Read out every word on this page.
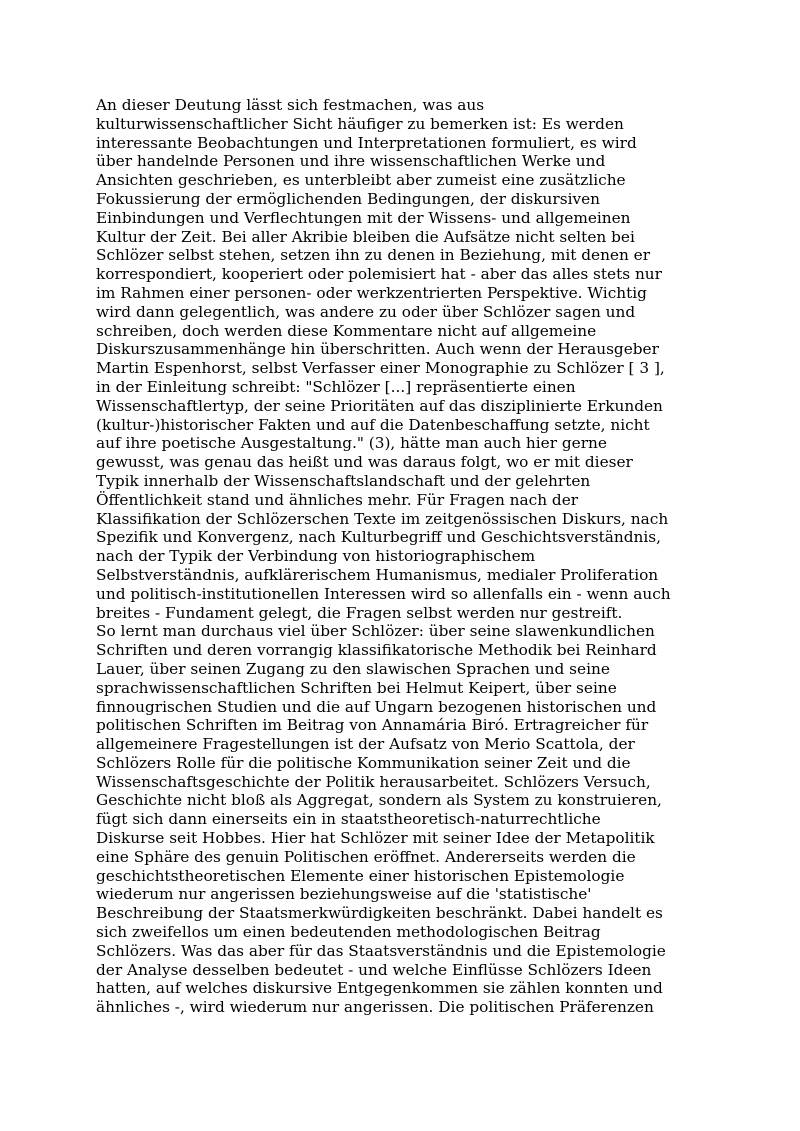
An dieser Deutung lässt sich festmachen, was aus
kulturwissenschaftlicher Sicht häufiger zu bemerken ist: Es werden
interessante Beobachtungen und Interpretationen formuliert, es wird
über handelnde Personen und ihre wissenschaftlichen Werke und
Ansichten geschrieben, es unterbleibt aber zumeist eine zusätzliche
Fokussierung der ermöglichenden Bedingungen, der diskursiven
Einbindungen und Verflechtungen mit der Wissens- und allgemeinen
Kultur der Zeit. Bei aller Akribie bleiben die Aufsätze nicht selten bei
Schlözer selbst stehen, setzen ihn zu denen in Beziehung, mit denen er
korrespondiert, kooperiert oder polemisiert hat - aber das alles stets nur
im Rahmen einer personen- oder werkzentrierten Perspektive. Wichtig
wird dann gelegentlich, was andere zu oder über Schlözer sagen und
schreiben, doch werden diese Kommentare nicht auf allgemeine
Diskurszusammenhänge hin überschritten. Auch wenn der Herausgeber
Martin Espenhorst, selbst Verfasser einer Monographie zu Schlözer [ 3 ],
in der Einleitung schreibt: "Schlözer [...] repräsentierte einen
Wissenschaftlertyp, der seine Prioritäten auf das disziplinierte Erkunden
(kultur-)historischer Fakten und auf die Datenbeschaffung setzte, nicht
auf ihre poetische Ausgestaltung." (3), hätte man auch hier gerne
gewusst, was genau das heißt und was daraus folgt, wo er mit dieser
Typik innerhalb der Wissenschaftslandschaft und der gelehrten
Öffentlichkeit stand und ähnliches mehr. Für Fragen nach der
Klassifikation der Schlözerschen Texte im zeitgenössischen Diskurs, nach
Spezifik und Konvergenz, nach Kulturbegriff und Geschichtsverständnis,
nach der Typik der Verbindung von historiographischem
Selbstverständnis, aufklärerischem Humanismus, medialer Proliferation
und politisch-institutionellen Interessen wird so allenfalls ein - wenn auch
breites - Fundament gelegt, die Fragen selbst werden nur gestreift.
So lernt man durchaus viel über Schlözer: über seine slawenkundlichen
Schriften und deren vorrangig klassifikatorische Methodik bei Reinhard
Lauer, über seinen Zugang zu den slawischen Sprachen und seine
sprachwissenschaftlichen Schriften bei Helmut Keipert, über seine
finnougrischen Studien und die auf Ungarn bezogenen historischen und
politischen Schriften im Beitrag von Annamária Biró. Ertragreicher für
allgemeinere Fragestellungen ist der Aufsatz von Merio Scattola, der
Schlözers Rolle für die politische Kommunikation seiner Zeit und die
Wissenschaftsgeschichte der Politik herausarbeitet. Schlözers Versuch,
Geschichte nicht bloß als Aggregat, sondern als System zu konstruieren,
fügt sich dann einerseits ein in staatstheoretisch-naturrechtliche
Diskurse seit Hobbes. Hier hat Schlözer mit seiner Idee der Metapolitik
eine Sphäre des genuin Politischen eröffnet. Andererseits werden die
geschichtstheoretischen Elemente einer historischen Epistemologie
wiederum nur angerissen beziehungsweise auf die 'statistische'
Beschreibung der Staatsmerkwürdigkeiten beschränkt. Dabei handelt es
sich zweifellos um einen bedeutenden methodologischen Beitrag
Schlözers. Was das aber für das Staatsverständnis und die Epistemologie
der Analyse desselben bedeutet - und welche Einflüsse Schlözers Ideen
hatten, auf welches diskursive Entgegenkommen sie zählen konnten und
ähnliches -, wird wiederum nur angerissen. Die politischen Präferenzen
